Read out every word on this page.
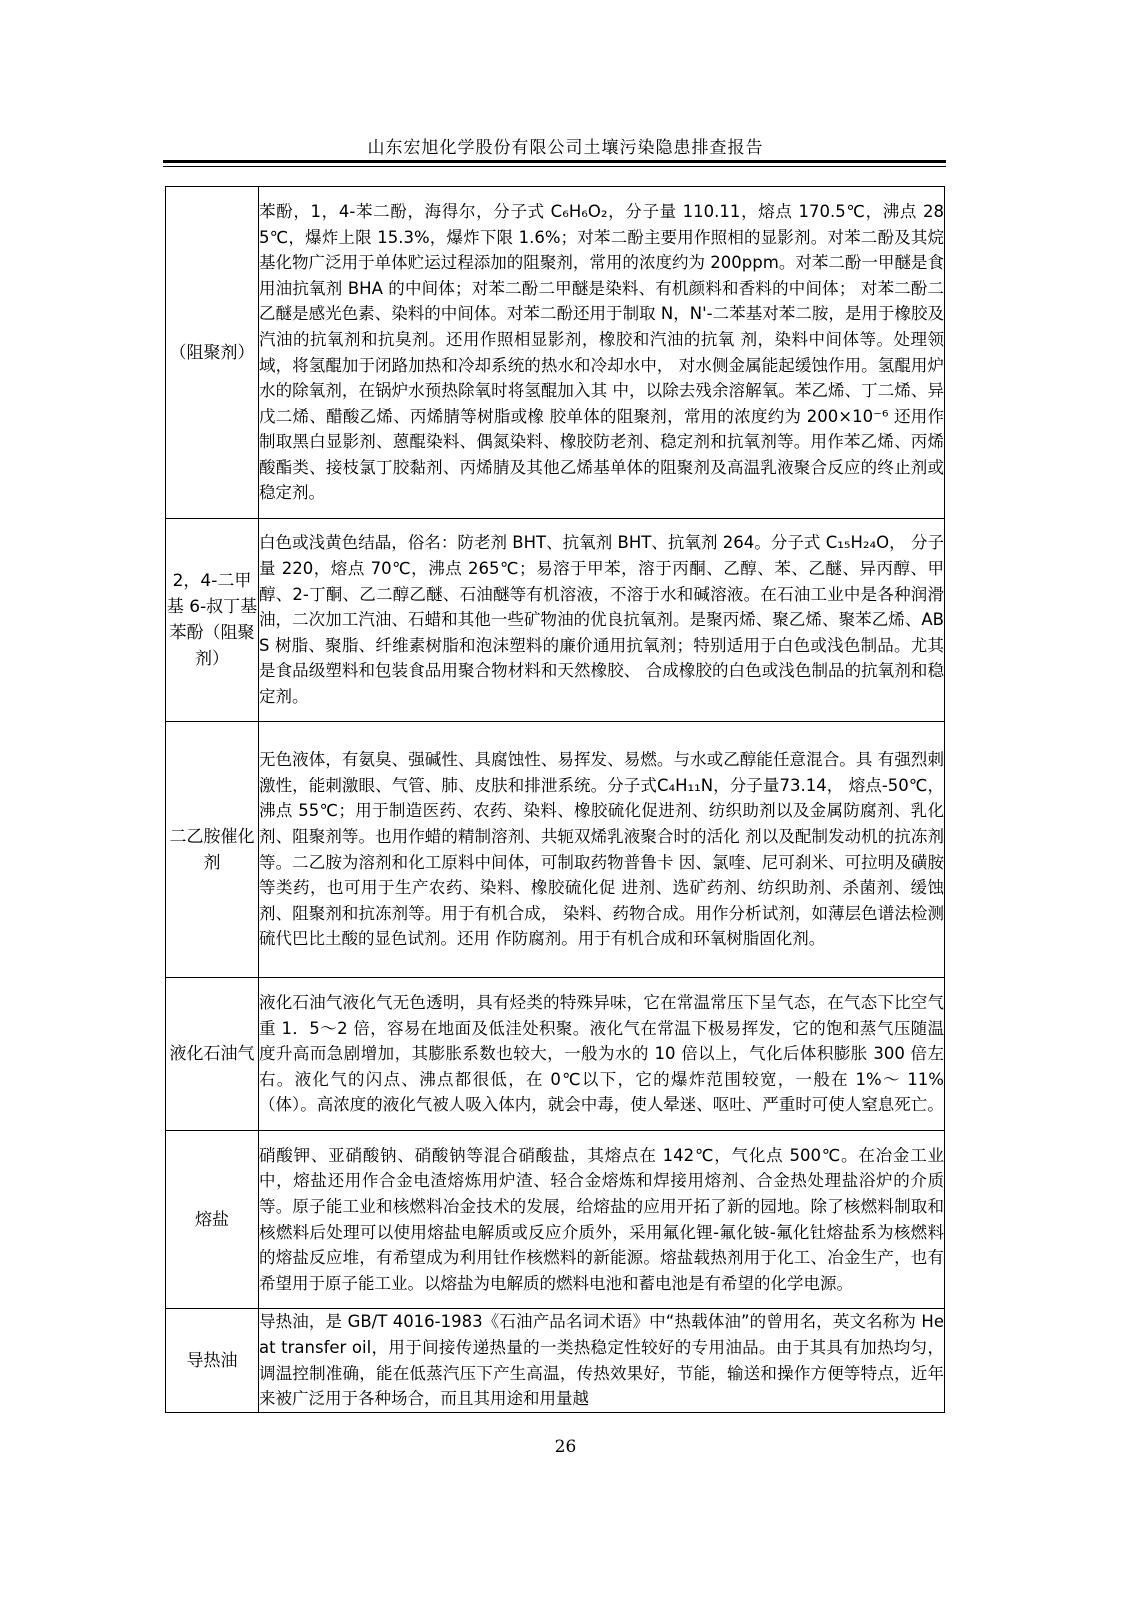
山东宏旭化学股份有限公司土壤污染隐患排查报告
（阻聚剂）	苯酚，1，4-苯二酚，海得尔，分子式 C₆H₆O₂，分子量 110.11，熔点 170.5℃，沸点 285℃，爆炸上限 15.3%，爆炸下限 1.6%；对苯二酚主要用作照相的显影剂。对苯二酚及其烷基化物广泛用于单体贮运过程添加的阻聚剂，常用的浓度约为 200ppm。对苯二酚一甲醚是食用油抗氧剂 BHA 的中间体；对苯二酚二甲醚是染料、有机颜料和香料的中间体； 对苯二酚二乙醚是感光色素、染料的中间体。对苯二酚还用于制取 N，N'-二苯基对苯二胺，是用于橡胶及汽油的抗氧剂和抗臭剂。还用作照相显影剂，橡胶和汽油的抗氧 剂，染料中间体等。处理领域，将氢醌加于闭路加热和冷却系统的热水和冷却水中， 对水侧金属能起缓蚀作用。氢醌用炉水的除氧剂，在锅炉水预热除氧时将氢醌加入其 中，以除去残余溶解氧。苯乙烯、丁二烯、异戊二烯、醋酸乙烯、丙烯腈等树脂或橡 胶单体的阻聚剂，常用的浓度约为 200×10⁻⁶ 还用作制取黑白显影剂、蒽醌染料、偶氮染料、橡胶防老剂、稳定剂和抗氧剂等。用作苯乙烯、丙烯酸酯类、接枝氯丁胶黏剂、丙烯腈及其他乙烯基单体的阻聚剂及高温乳液聚合反应的终止剂或稳定剂。
2，4-二甲基 6-叔丁基苯酚（阻聚剂）	白色或浅黄色结晶，俗名：防老剂 BHT、抗氧剂 BHT、抗氧剂 264。分子式 C₁₅H₂₄O， 分子量 220，熔点 70℃，沸点 265℃；易溶于甲苯，溶于丙酮、乙醇、苯、乙醚、异丙醇、甲醇、2-丁酮、乙二醇乙醚、石油醚等有机溶液，不溶于水和碱溶液。在石油工业中是各种润滑油，二次加工汽油、石蜡和其他一些矿物油的优良抗氧剂。是聚丙烯、聚乙烯、聚苯乙烯、ABS 树脂、聚脂、纤维素树脂和泡沫塑料的廉价通用抗氧剂；特别适用于白色或浅色制品。尤其是食品级塑料和包装食品用聚合物材料和天然橡胶、 合成橡胶的白色或浅色制品的抗氧剂和稳定剂。
二乙胺催化剂	无色液体，有氨臭、强碱性、具腐蚀性、易挥发、易燃。与水或乙醇能任意混合。具 有强烈刺激性，能刺激眼、气管、肺、皮肤和排泄系统。分子式C₄H₁₁N，分子量73.14， 熔点-50℃，沸点 55℃；用于制造医药、农药、染料、橡胶硫化促进剂、纺织助剂以及金属防腐剂、乳化剂、阻聚剂等。也用作蜡的精制溶剂、共轭双烯乳液聚合时的活化 剂以及配制发动机的抗冻剂等。二乙胺为溶剂和化工原料中间体，可制取药物普鲁卡 因、氯喹、尼可刹米、可拉明及磺胺等类药，也可用于生产农药、染料、橡胶硫化促 进剂、选矿药剂、纺织助剂、杀菌剂、缓蚀剂、阻聚剂和抗冻剂等。用于有机合成， 染料、药物合成。用作分析试剂，如薄层色谱法检测硫代巴比土酸的显色试剂。还用 作防腐剂。用于有机合成和环氧树脂固化剂。
液化石油气	液化石油气液化气无色透明，具有烃类的特殊异味，它在常温常压下呈气态，在气态下比空气重 1．5～2 倍，容易在地面及低洼处积聚。液化气在常温下极易挥发，它的饱和蒸气压随温度升高而急剧增加，其膨胀系数也较大，一般为水的 10 倍以上，气化后体积膨胀 300 倍左右。液化气的闪点、沸点都很低，在 0℃以下，它的爆炸范围较宽，一般在 1%～ 11%（体）。高浓度的液化气被人吸入体内，就会中毒，使人晕迷、呕吐、严重时可使人窒息死亡。
熔盐	硝酸钾、亚硝酸钠、硝酸钠等混合硝酸盐，其熔点在 142℃，气化点 500℃。在冶金工业中，熔盐还用作合金电渣熔炼用炉渣、轻合金熔炼和焊接用熔剂、合金热处理盐浴炉的介质等。原子能工业和核燃料冶金技术的发展，给熔盐的应用开拓了新的园地。除了核燃料制取和核燃料后处理可以使用熔盐电解质或反应介质外，采用氟化锂-氟化铍-氟化钍熔盐系为核燃料的熔盐反应堆，有希望成为利用钍作核燃料的新能源。熔盐载热剂用于化工、冶金生产，也有希望用于原子能工业。以熔盐为电解质的燃料电池和蓄电池是有希望的化学电源。
导热油	导热油，是 GB/T 4016-1983《石油产品名词术语》中“热载体油”的曾用名，英文名称为 Heat transfer oil，用于间接传递热量的一类热稳定性较好的专用油品。由于其具有加热均匀，调温控制准确，能在低蒸汽压下产生高温，传热效果好，节能，输送和操作方便等特点，近年来被广泛用于各种场合，而且其用途和用量越
26
